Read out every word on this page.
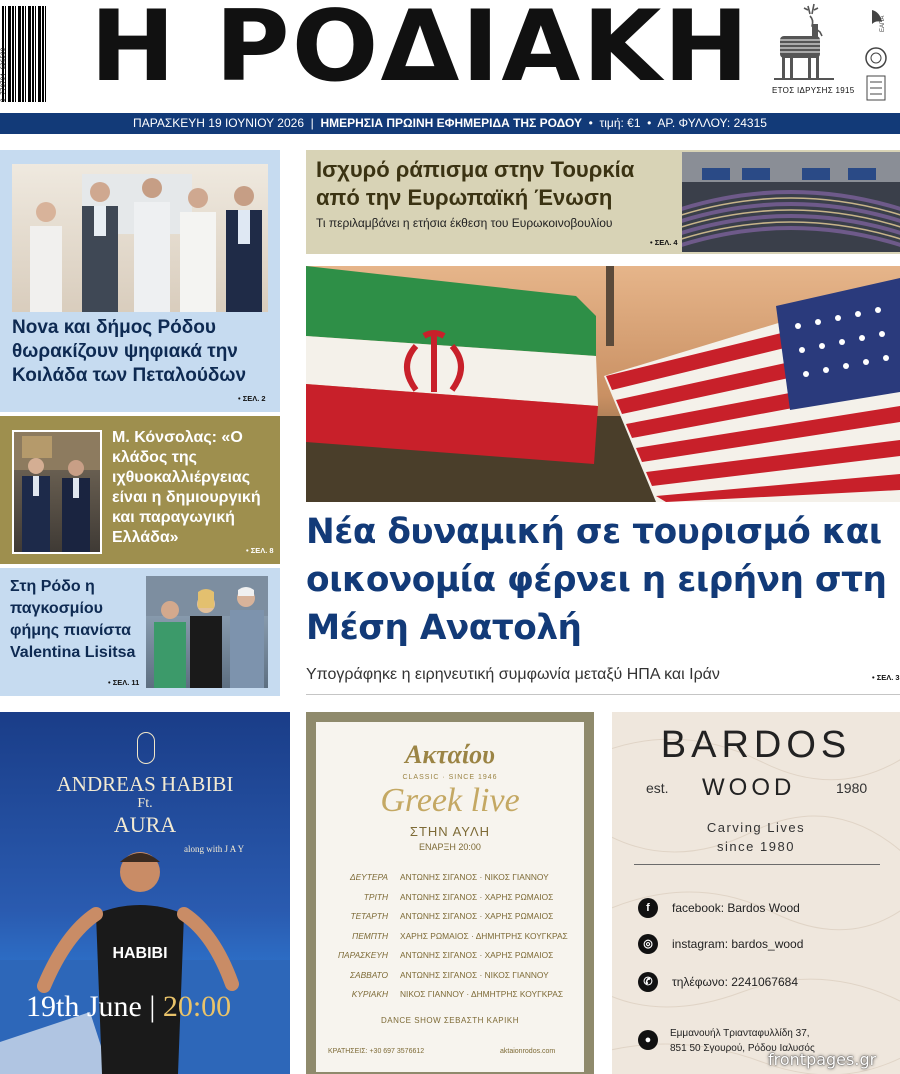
9 770794 626500 Η ΡΟΔΙΑΚΗ	ΕΤΟΣ ΙΔΡΥΣΗΣ 1915
ΕΑΠΑ
ΠΑΡΑΣΚΕΥΗ 19 ΙΟΥΝΙΟΥ 2026  |  ΗΜΕΡΗΣΙΑ ΠΡΩΙΝΗ ΕΦΗΜΕΡΙΔΑ ΤΗΣ ΡΟΔΟΥ  •  τιμή: €1  •  ΑΡ. ΦΥΛΛΟΥ: 24315
Nova και δήμος Ρόδου θωρακίζουν ψηφιακά την Κοιλάδα των Πεταλούδων
• ΣΕΛ. 2
Μ. Κόνσολας: «Ο κλάδος της ιχθυοκαλλιέργειας είναι η δημιουργική και παραγωγική Ελλάδα»
• ΣΕΛ. 8
Στη Ρόδο η παγκοσμίου φήμης πιανίστα Valentina Lisitsa
• ΣΕΛ. 11
Ισχυρό ράπισμα στην Τουρκία από την Ευρωπαϊκή Ένωση

Τι περιλαμβάνει η ετήσια έκθεση του Ευρωκοινοβουλίου

• ΣΕΛ. 4
Νέα δυναμική σε τουρισμό και οικονομία φέρνει η ειρήνη στη Μέση Ανατολή

Υπογράφηκε η ειρηνευτική συμφωνία μεταξύ ΗΠΑ και Ιράν	• ΣΕΛ. 3
ANDREAS HABIBI
Ft.
AURA
along with J A Y
HABIBI
19th June | 20:00
Ακταίου
CLASSIC · SINCE 1946
Greek live
ΣΤΗΝ ΑΥΛΗ
ΕΝΑΡΞΗ 20:00
ΔΕΥΤΕΡΑ	ΑΝΤΩΝΗΣ ΣΙΓΑΝΟΣ · ΝΙΚΟΣ ΓΙΑΝΝΟΥ
ΤΡΙΤΗ	ΑΝΤΩΝΗΣ ΣΙΓΑΝΟΣ · ΧΑΡΗΣ ΡΩΜΑΙΟΣ
ΤΕΤΑΡΤΗ	ΑΝΤΩΝΗΣ ΣΙΓΑΝΟΣ · ΧΑΡΗΣ ΡΩΜΑΙΟΣ
ΠΕΜΠΤΗ	ΧΑΡΗΣ ΡΩΜΑΙΟΣ · ΔΗΜΗΤΡΗΣ ΚΟΥΓΚΡΑΣ
ΠΑΡΑΣΚΕΥΗ	ΑΝΤΩΝΗΣ ΣΙΓΑΝΟΣ · ΧΑΡΗΣ ΡΩΜΑΙΟΣ
ΣΑΒΒΑΤΟ	ΑΝΤΩΝΗΣ ΣΙΓΑΝΟΣ · ΝΙΚΟΣ ΓΙΑΝΝΟΥ
ΚΥΡΙΑΚΗ	ΝΙΚΟΣ ΓΙΑΝΝΟΥ · ΔΗΜΗΤΡΗΣ ΚΟΥΓΚΡΑΣ
DANCE SHOW ΣΕΒΑΣΤΗ ΚΑΡΙΚΗ
ΚΡΑΤΗΣΕΙΣ: +30 697 3576612	aktaionrodos.com
BARDOS
est. WOOD	1980
Carving Lives
since 1980
f	facebook: Bardos Wood
◎	instagram: bardos_wood
✆	τηλέφωνο: 2241067684
●
Εμμανουήλ Τριανταφυλλίδη 37,
851 50 Σγουρού, Ρόδου Ιαλυσός
frontpages.gr
